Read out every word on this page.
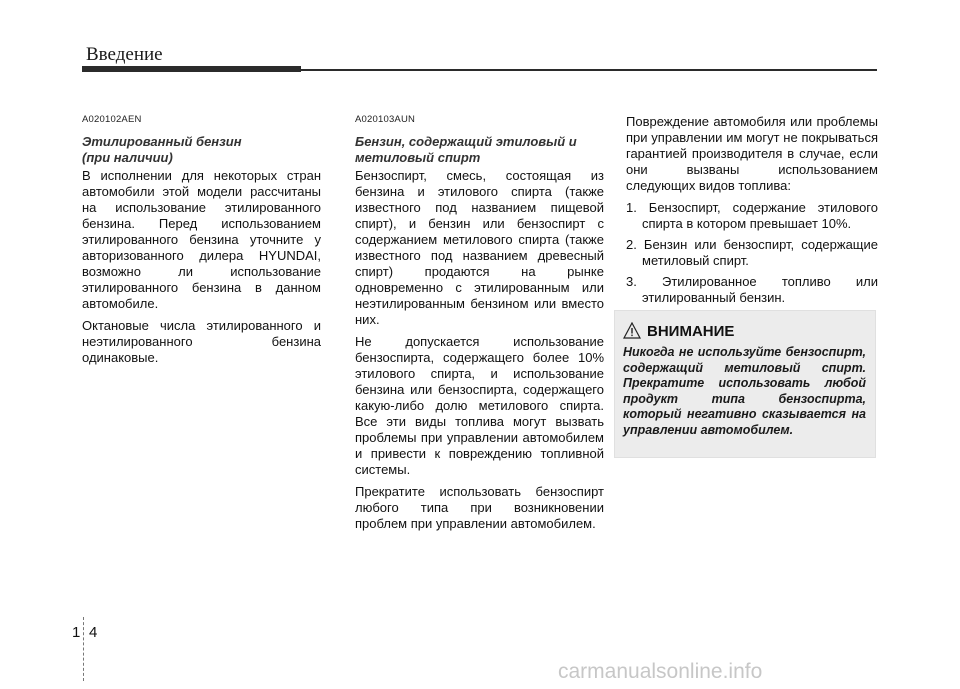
Введение
A020102AEN
Этилированный бензин
(при наличии)

В исполнении для некоторых стран автомобили этой модели рассчитаны на использование этилированного бензина. Перед использованием этилированного бензина уточните у авторизованного дилера HYUNDAI, возможно ли использование этилированного бензина в данном автомобиле.

Октановые числа этилированного и неэтилированного бензина одинаковые.

A020103AUN
Бензин, содержащий этиловый и
метиловый спирт

Бензоспирт, смесь, состоящая из бензина и этилового спирта (также известного под названием пищевой спирт), и бензин или бензоспирт с содержанием метилового спирта (также известного под названием древесный спирт) продаются на рынке одновременно с этилированным или неэтилированным бензином или вместо них.

Не допускается использование бензоспирта, содержащего более 10% этилового спирта, и использование бензина или бензоспирта, содержащего какую-либо долю метилового спирта. Все эти виды топлива могут вызвать проблемы при управлении автомобилем и привести к повреждению топливной системы.

Прекратите использовать бензоспирт любого типа при возникновении проблем при управлении автомобилем.

Повреждение автомобиля или проблемы при управлении им могут не покрываться гарантией производителя в случае, если они вызваны использованием следующих видов топлива:

1. Бензоспирт, содержание этилового спирта в котором превышает 10%.
2. Бензин или бензоспирт, содержащие метиловый спирт.
3. Этилированное топливо или этилированный бензин.
ВНИМАНИЕ
Никогда не используйте бензоспирт, содержащий метиловый спирт. Прекратите использовать любой продукт типа бензоспирта, который негативно сказывается на управлении автомобилем.
1 4
carmanualsonline.info
